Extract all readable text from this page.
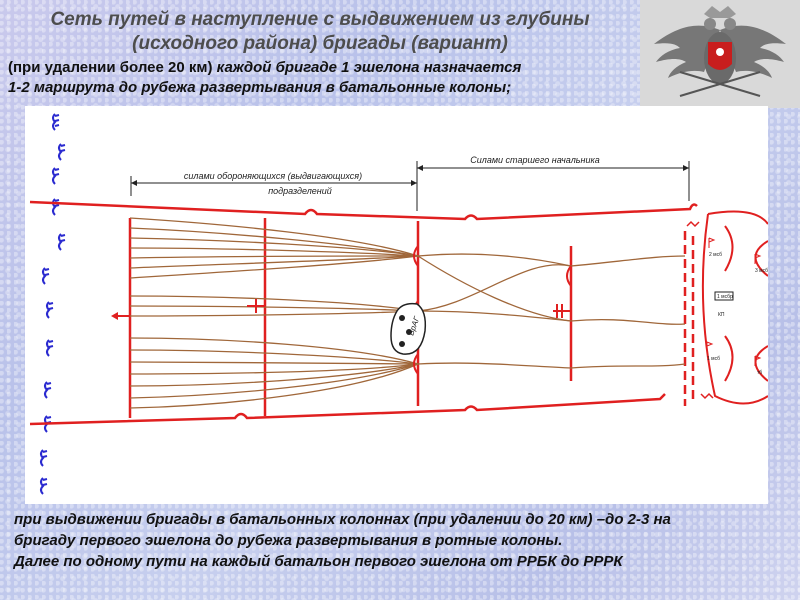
Сеть путей в наступление с выдвижением из глубины
(исходного района) бригады (вариант)
(при удалении более 20 км) каждой бригаде 1 эшелона назначается
1-2 маршрута до рубежа развертывания в батальонные колоны;
силами обороняющихся (выдвигающихся)
подразделений
Силами старшего начальника
БрАГ
2 мсб
3 мсб
1 мсбр
КП
1 мсб
тб
при выдвижении бригады в батальонных колоннах (при удалении до 20 км) –до 2-3 на
бригаду первого эшелона до рубежа развертывания в ротные колоны.
Далее по одному пути на каждый батальон первого эшелона от РРБК до РРРК
